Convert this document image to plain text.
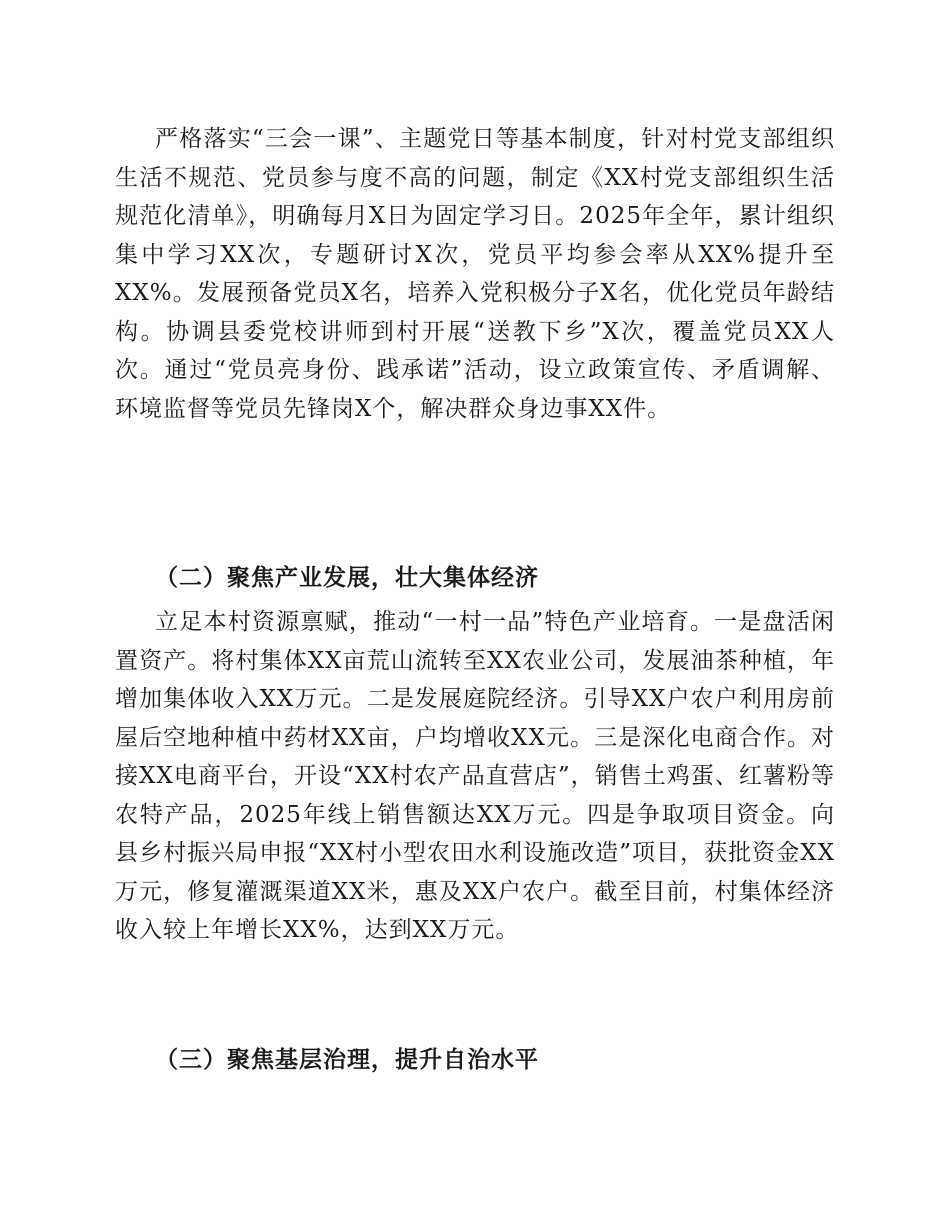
严格落实“三会一课”、主题党日等基本制度，针对村党支部组织生活不规范、党员参与度不高的问题，制定《XX村党支部组织生活规范化清单》，明确每月X日为固定学习日。2025年全年，累计组织集中学习XX次，专题研讨X次，党员平均参会率从XX%提升至XX%。发展预备党员X名，培养入党积极分子X名，优化党员年龄结构。协调县委党校讲师到村开展“送教下乡”X次，覆盖党员XX人次。通过“党员亮身份、践承诺”活动，设立政策宣传、矛盾调解、环境监督等党员先锋岗X个，解决群众身边事XX件。

（二）聚焦产业发展，壮大集体经济

立足本村资源禀赋，推动“一村一品”特色产业培育。一是盘活闲置资产。将村集体XX亩荒山流转至XX农业公司，发展油茶种植，年增加集体收入XX万元。二是发展庭院经济。引导XX户农户利用房前屋后空地种植中药材XX亩，户均增收XX元。三是深化电商合作。对接XX电商平台，开设“XX村农产品直营店”，销售土鸡蛋、红薯粉等农特产品，2025年线上销售额达XX万元。四是争取项目资金。向县乡村振兴局申报“XX村小型农田水利设施改造”项目，获批资金XX万元，修复灌溉渠道XX米，惠及XX户农户。截至目前，村集体经济收入较上年增长XX%，达到XX万元。

（三）聚焦基层治理，提升自治水平
